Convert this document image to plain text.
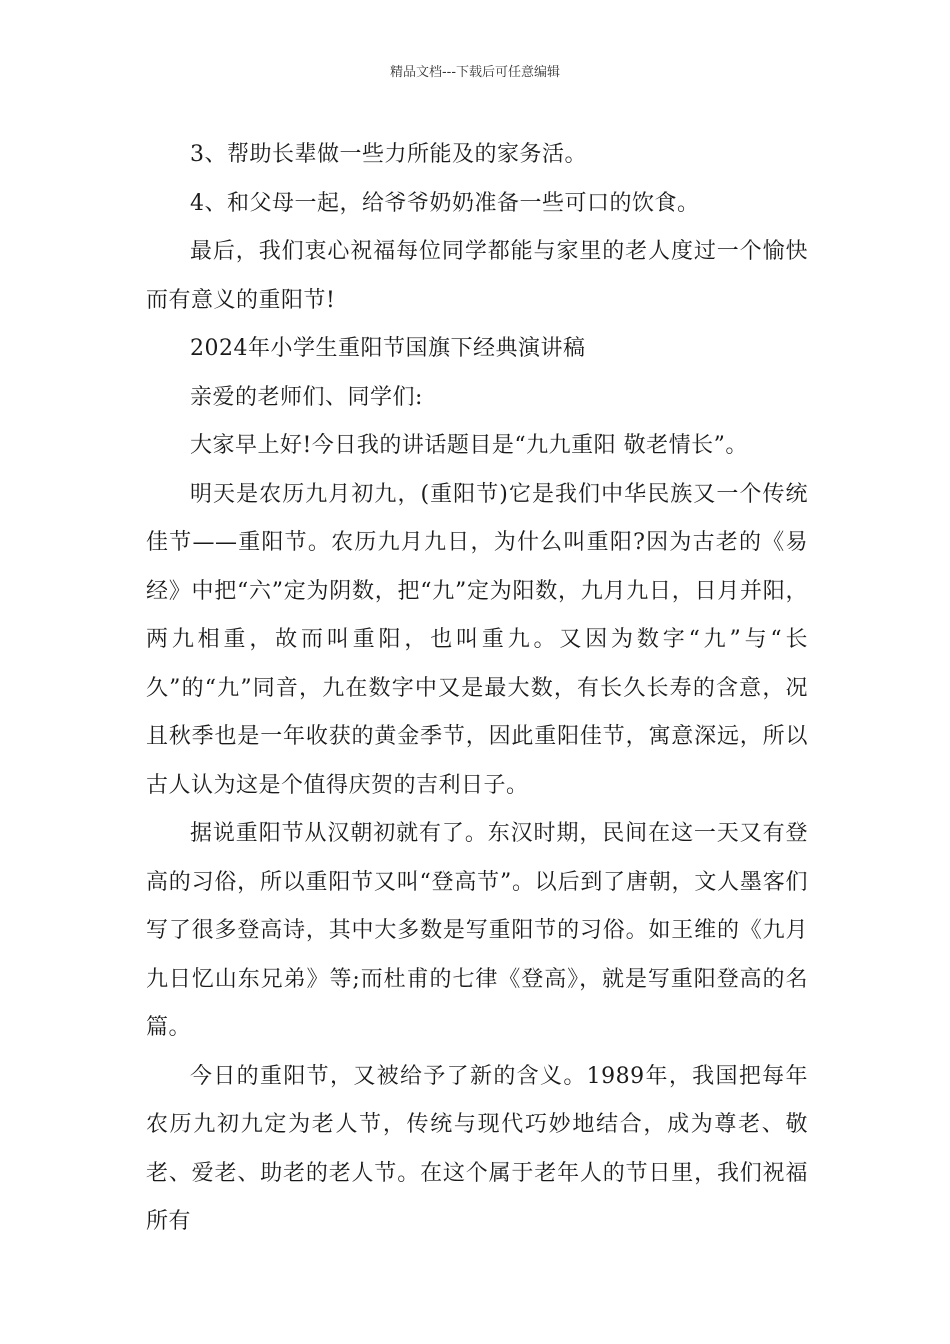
精品文档---下载后可任意编辑

3、帮助长辈做一些力所能及的家务活。

4、和父母一起，给爷爷奶奶准备一些可口的饮食。

最后，我们衷心祝福每位同学都能与家里的老人度过一个愉快而有意义的重阳节!

2024年小学生重阳节国旗下经典演讲稿

亲爱的老师们、同学们:

大家早上好!今日我的讲话题目是“九九重阳 敬老情长”。

明天是农历九月初九，(重阳节)它是我们中华民族又一个传统佳节——重阳节。农历九月九日，为什么叫重阳?因为古老的《易经》中把“六”定为阴数，把“九”定为阳数，九月九日，日月并阳，两九相重，故而叫重阳，也叫重九。又因为数字“九”与“长久”的“九”同音，九在数字中又是最大数，有长久长寿的含意，况且秋季也是一年收获的黄金季节，因此重阳佳节，寓意深远，所以古人认为这是个值得庆贺的吉利日子。

据说重阳节从汉朝初就有了。东汉时期，民间在这一天又有登高的习俗，所以重阳节又叫“登高节”。以后到了唐朝，文人墨客们写了很多登高诗，其中大多数是写重阳节的习俗。如王维的《九月九日忆山东兄弟》等;而杜甫的七律《登高》，就是写重阳登高的名篇。

今日的重阳节，又被给予了新的含义。1989年，我国把每年农历九初九定为老人节，传统与现代巧妙地结合，成为尊老、敬老、爱老、助老的老人节。在这个属于老年人的节日里，我们祝福所有
